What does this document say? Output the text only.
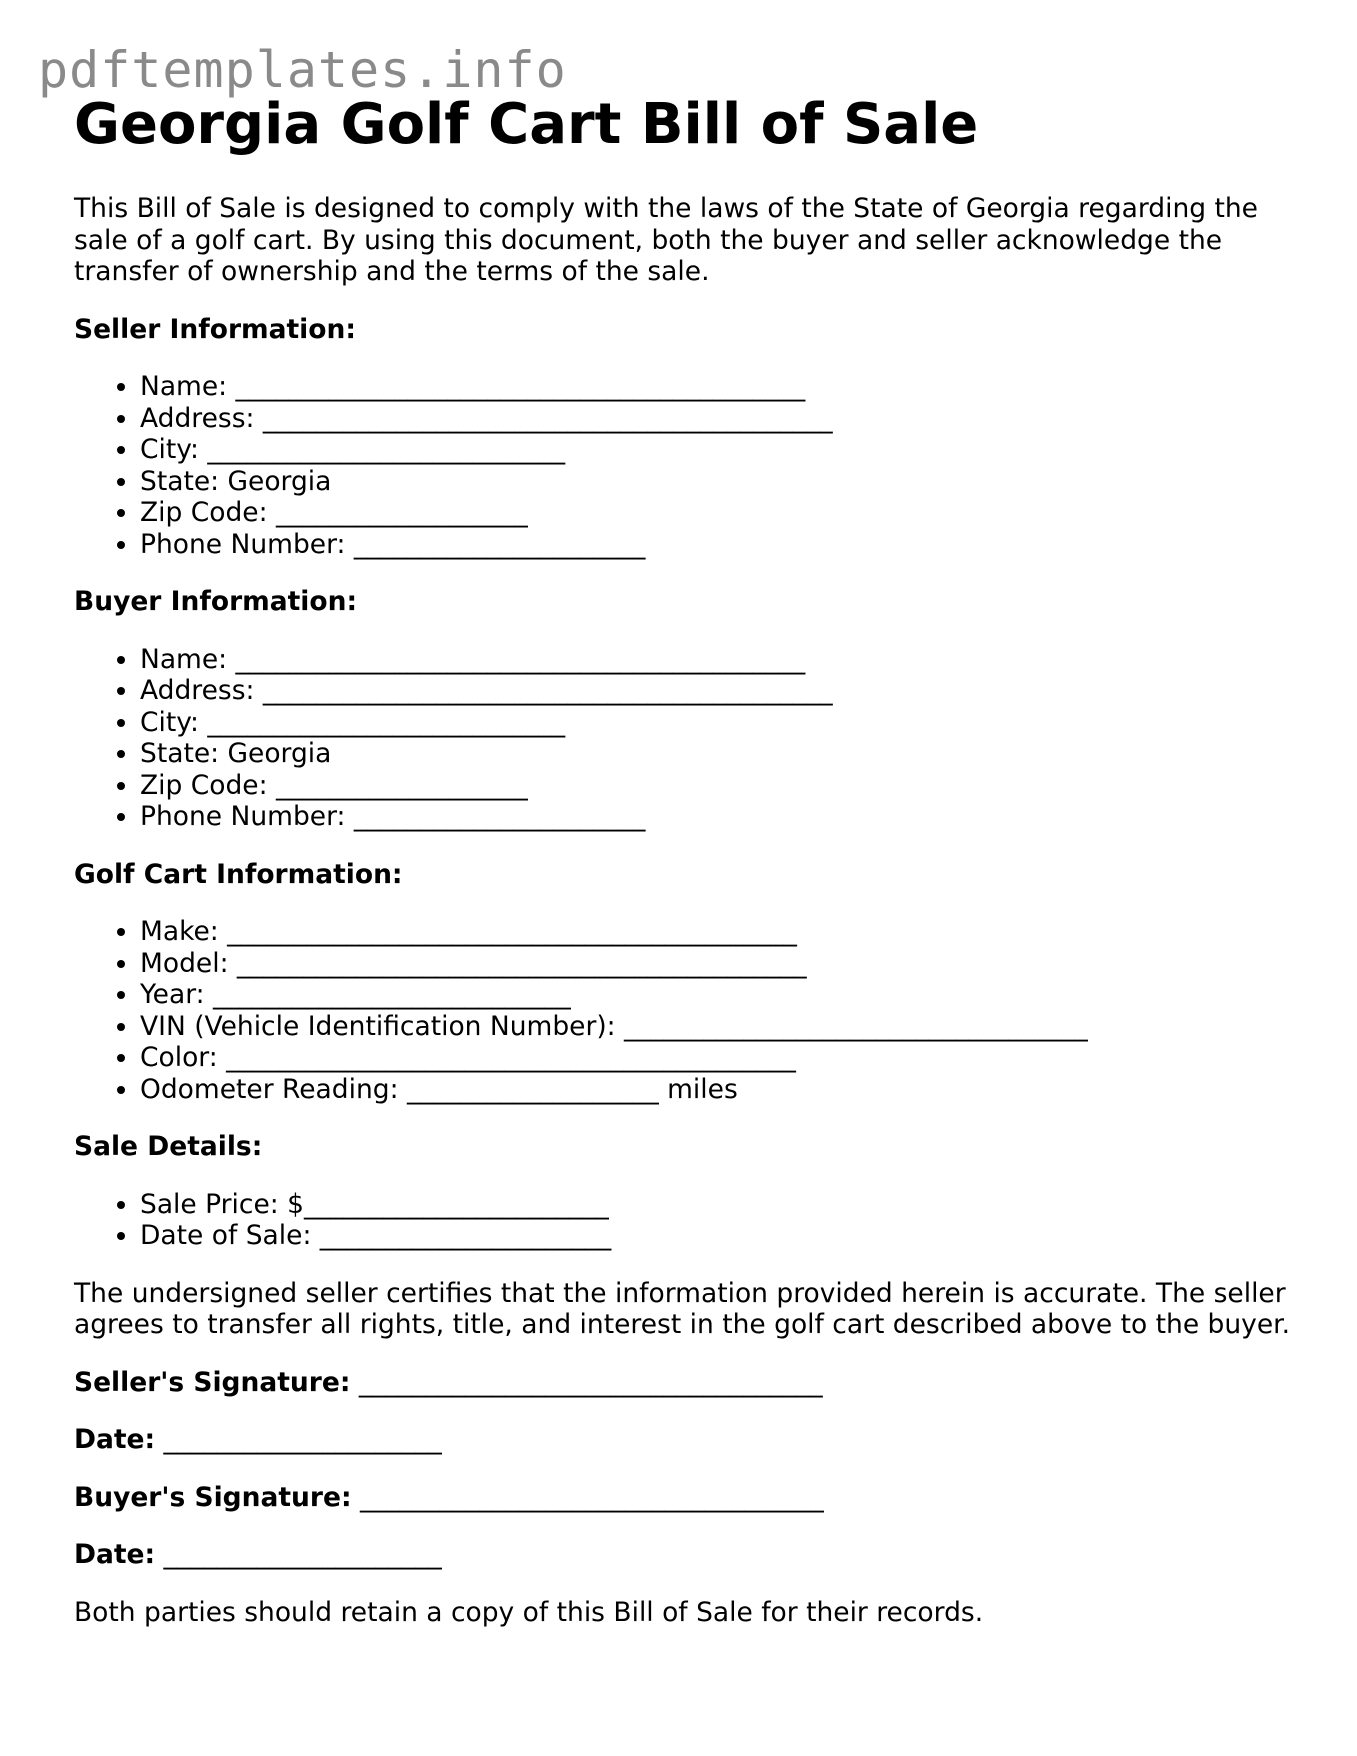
pdftemplates.info
Georgia Golf Cart Bill of Sale

This Bill of Sale is designed to comply with the laws of the State of Georgia regarding the sale of a golf cart. By using this document, both the buyer and seller acknowledge the transfer of ownership and the terms of the sale.

Seller Information:
• Name: ___________________________________________
• Address: ___________________________________________
• City: ___________________________
• State: Georgia
• Zip Code: ___________________
• Phone Number: ______________________
Buyer Information:
• Name: ___________________________________________
• Address: ___________________________________________
• City: ___________________________
• State: Georgia
• Zip Code: ___________________
• Phone Number: ______________________
Golf Cart Information:
• Make: ___________________________________________
• Model: ___________________________________________
• Year: ___________________________
• VIN (Vehicle Identification Number): ___________________________________
• Color: ___________________________________________
• Odometer Reading: ___________________ miles
Sale Details:
• Sale Price: $_______________________
• Date of Sale: ______________________

The undersigned seller certifies that the information provided herein is accurate. The seller agrees to transfer all rights, title, and interest in the golf cart described above to the buyer.

Seller's Signature: ___________________________________
Date: _____________________
Buyer's Signature: ___________________________________
Date: _____________________

Both parties should retain a copy of this Bill of Sale for their records.
